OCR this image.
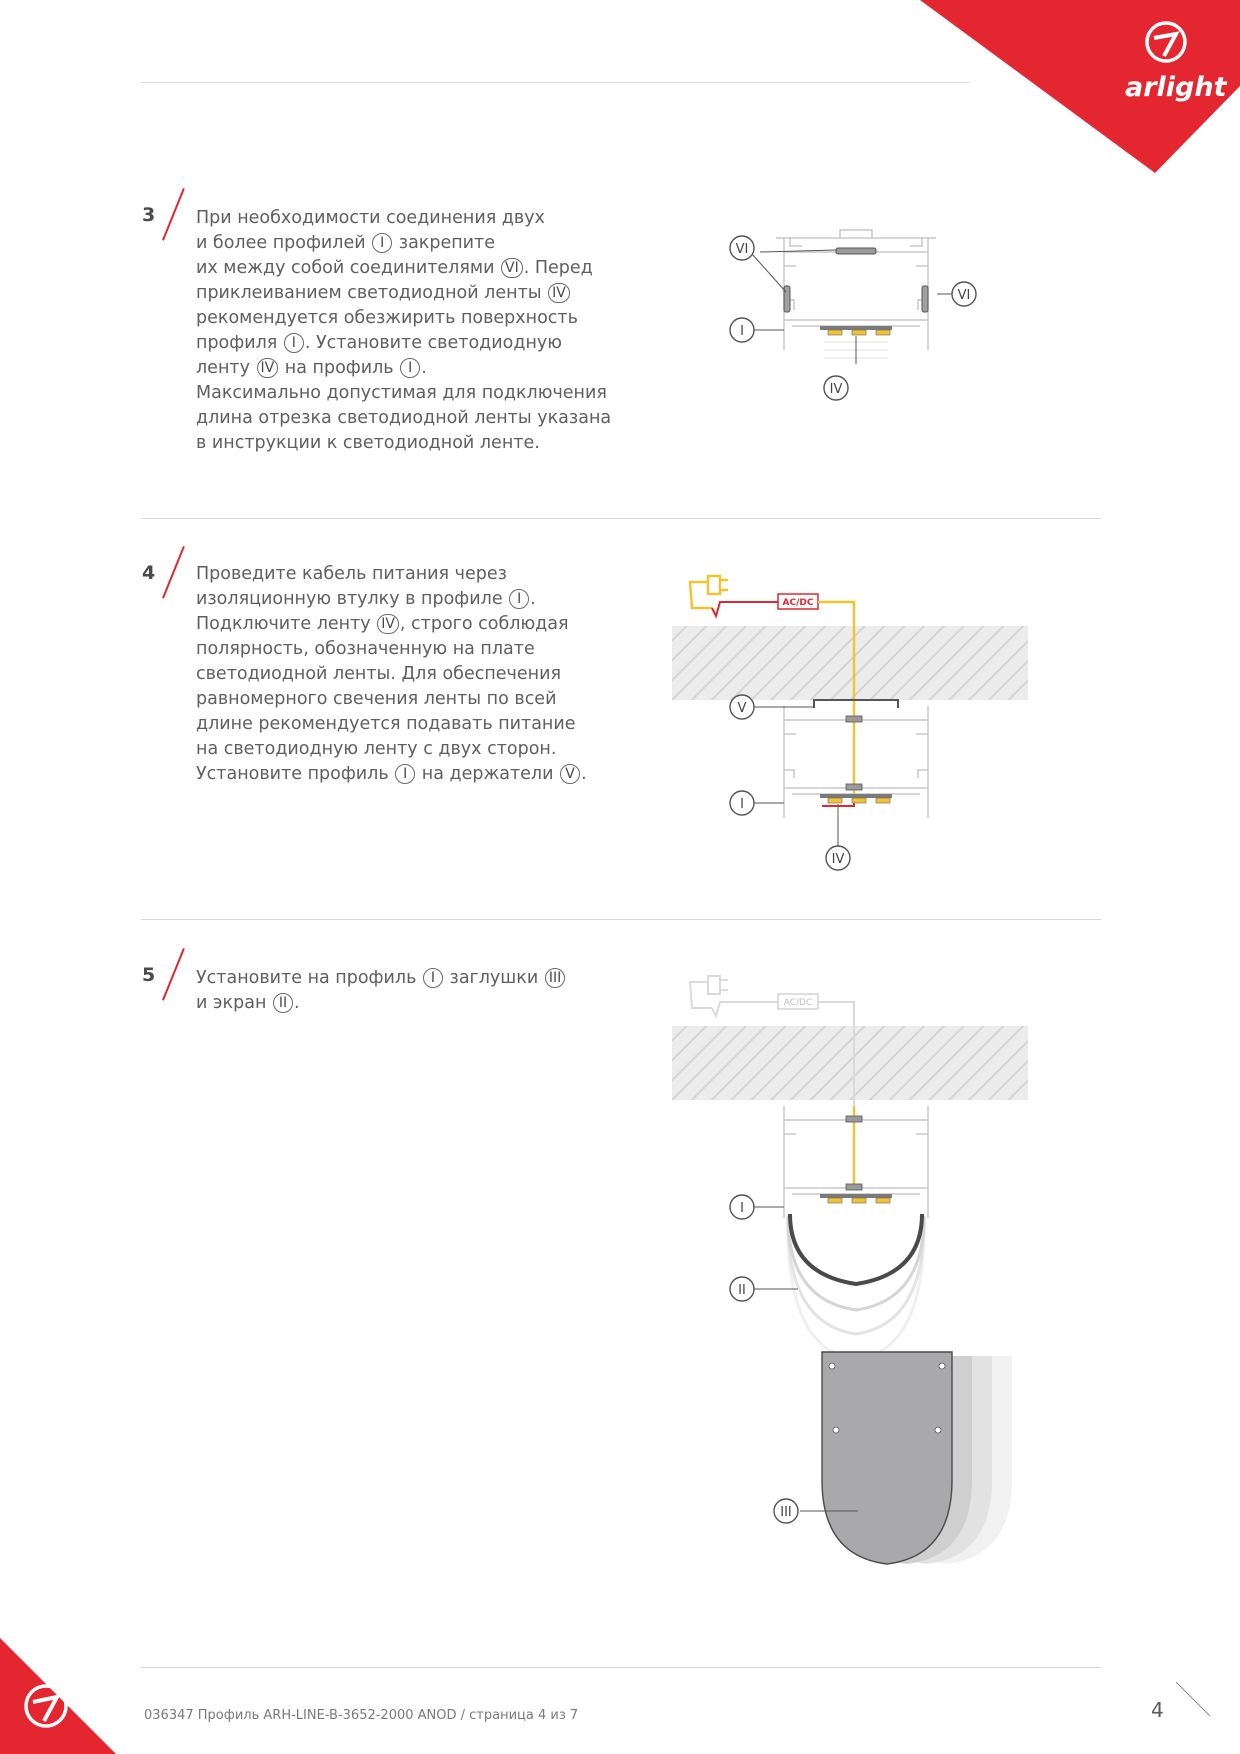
arlight
3 При необходимости соединения двух

и более профилей I закрепите

их между собой соединителями VI . Перед

приклеиванием светодиодной ленты IV

рекомендуется обезжирить поверхность

профиля I . Установите светодиодную

ленту IV на профиль I .

Максимально допустимая для подключения

длина отрезка светодиодной ленты указана

в инструкции к светодиодной ленте.

VI
VI
I
IV
4 Проведите кабель питания через

изоляционную втулку в профиле I .

Подключите ленту IV , строго соблюдая

полярность, обозначенную на плате

светодиодной ленты. Для обеспечения

равномерного свечения ленты по всей

длине рекомендуется подавать питание

на светодиодную ленту с двух сторон.

Установите профиль I на держатели V .

AC/DC
V
I
IV
5 Установите на профиль I заглушки III

и экран II .	AC/DC
I
II
III
036347 Профиль ARH-LINE-B-3652-2000 ANOD / страница 4 из 7	4
